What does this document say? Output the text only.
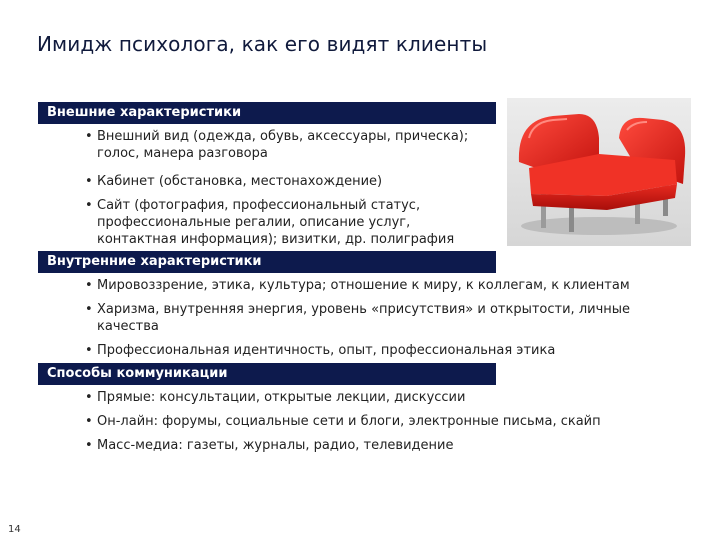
Имидж психолога, как его видят клиенты
Внешние характеристики
• Внешний вид (одежда, обувь, аксессуары, прическа);
голос, манера разговора
• Кабинет (обстановка, местонахождение)
• Сайт (фотография, профессиональный статус,
профессиональные регалии, описание услуг,
контактная информация); визитки, др. полиграфия
Внутренние характеристики
• Мировоззрение, этика, культура; отношение к миру, к коллегам, к клиентам
• Харизма, внутренняя энергия, уровень «присутствия» и открытости, личные
качества
• Профессиональная идентичность, опыт, профессиональная этика
Способы коммуникации
• Прямые: консультации, открытые лекции, дискуссии
• Он-лайн: форумы, социальные сети и блоги, электронные письма, скайп
• Масс-медиа: газеты, журналы, радио, телевидение
14
